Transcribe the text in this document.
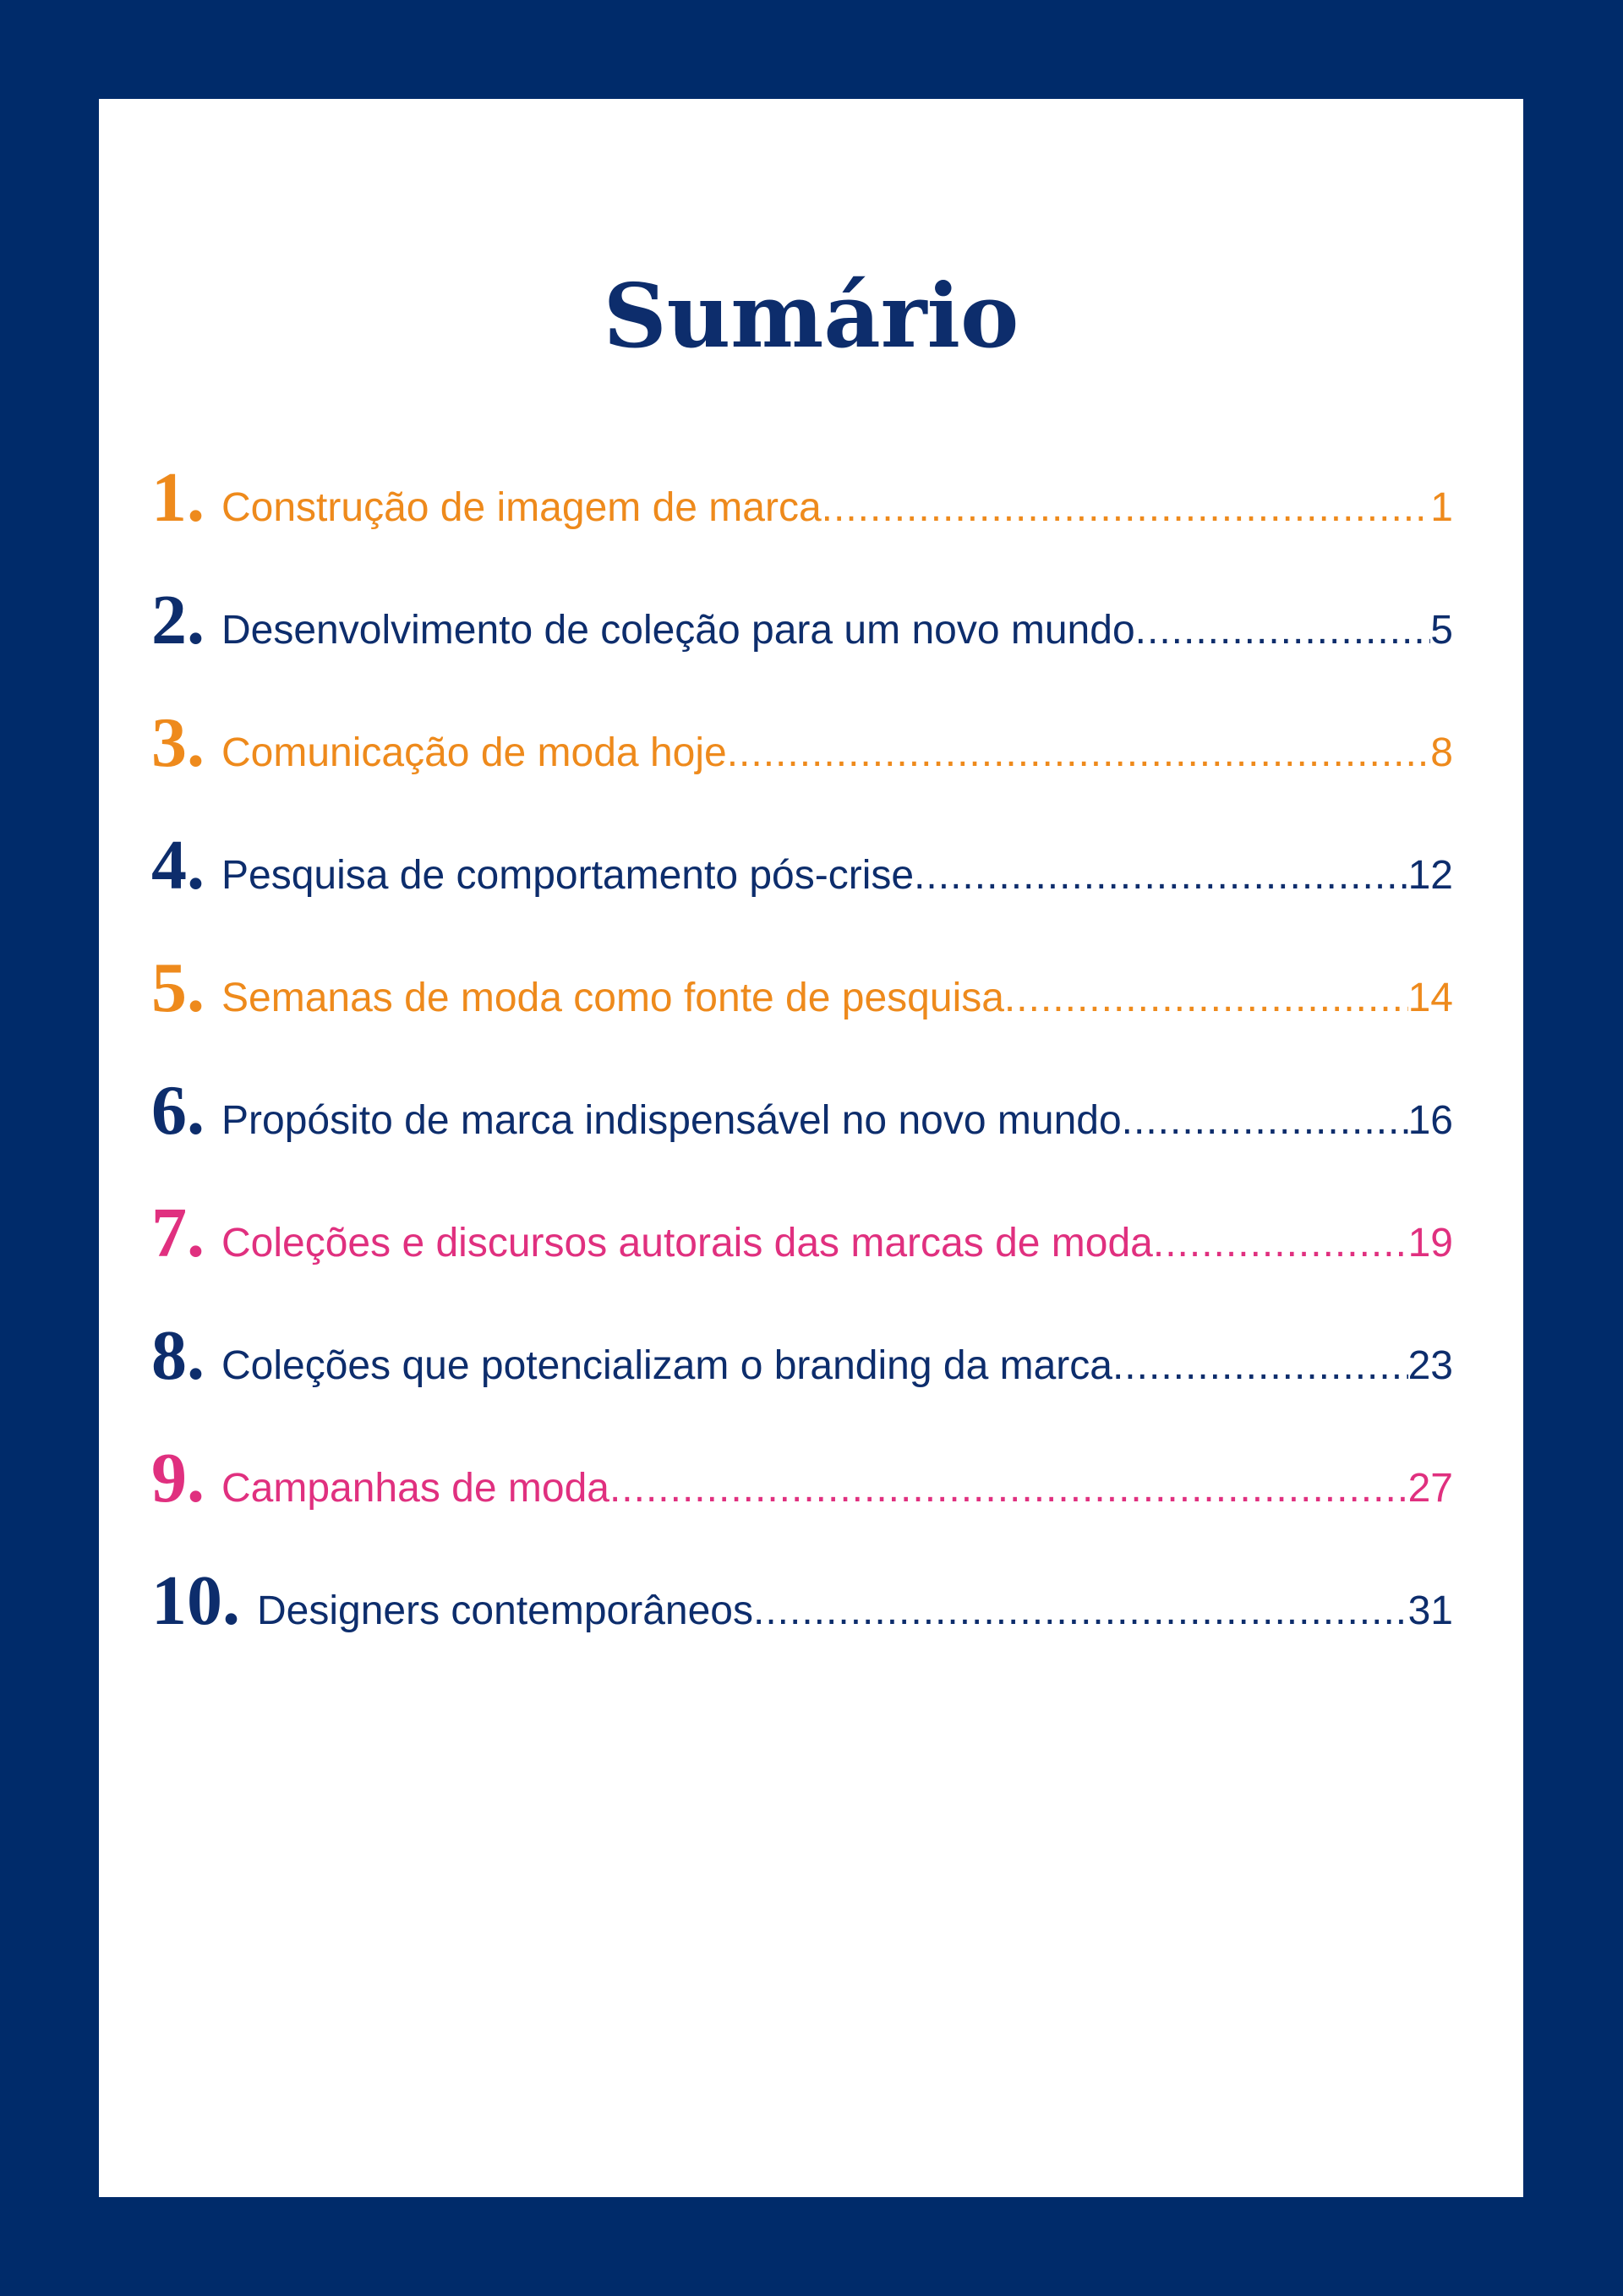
Sumário
1. Construção de imagem de marca .....	1
2. Desenvolvimento de coleção para um novo mundo .....	5
3. Comunicação de moda hoje .....	8
4. Pesquisa de comportamento pós-crise .....	12
5. Semanas de moda como fonte de pesquisa .....	14
6. Propósito de marca indispensável no novo mundo .....	16
7. Coleções e discursos autorais das marcas de moda .....	19
8. Coleções que potencializam o branding da marca .....	23
9. Campanhas de moda .....	27
10. Designers contemporâneos .....	31
